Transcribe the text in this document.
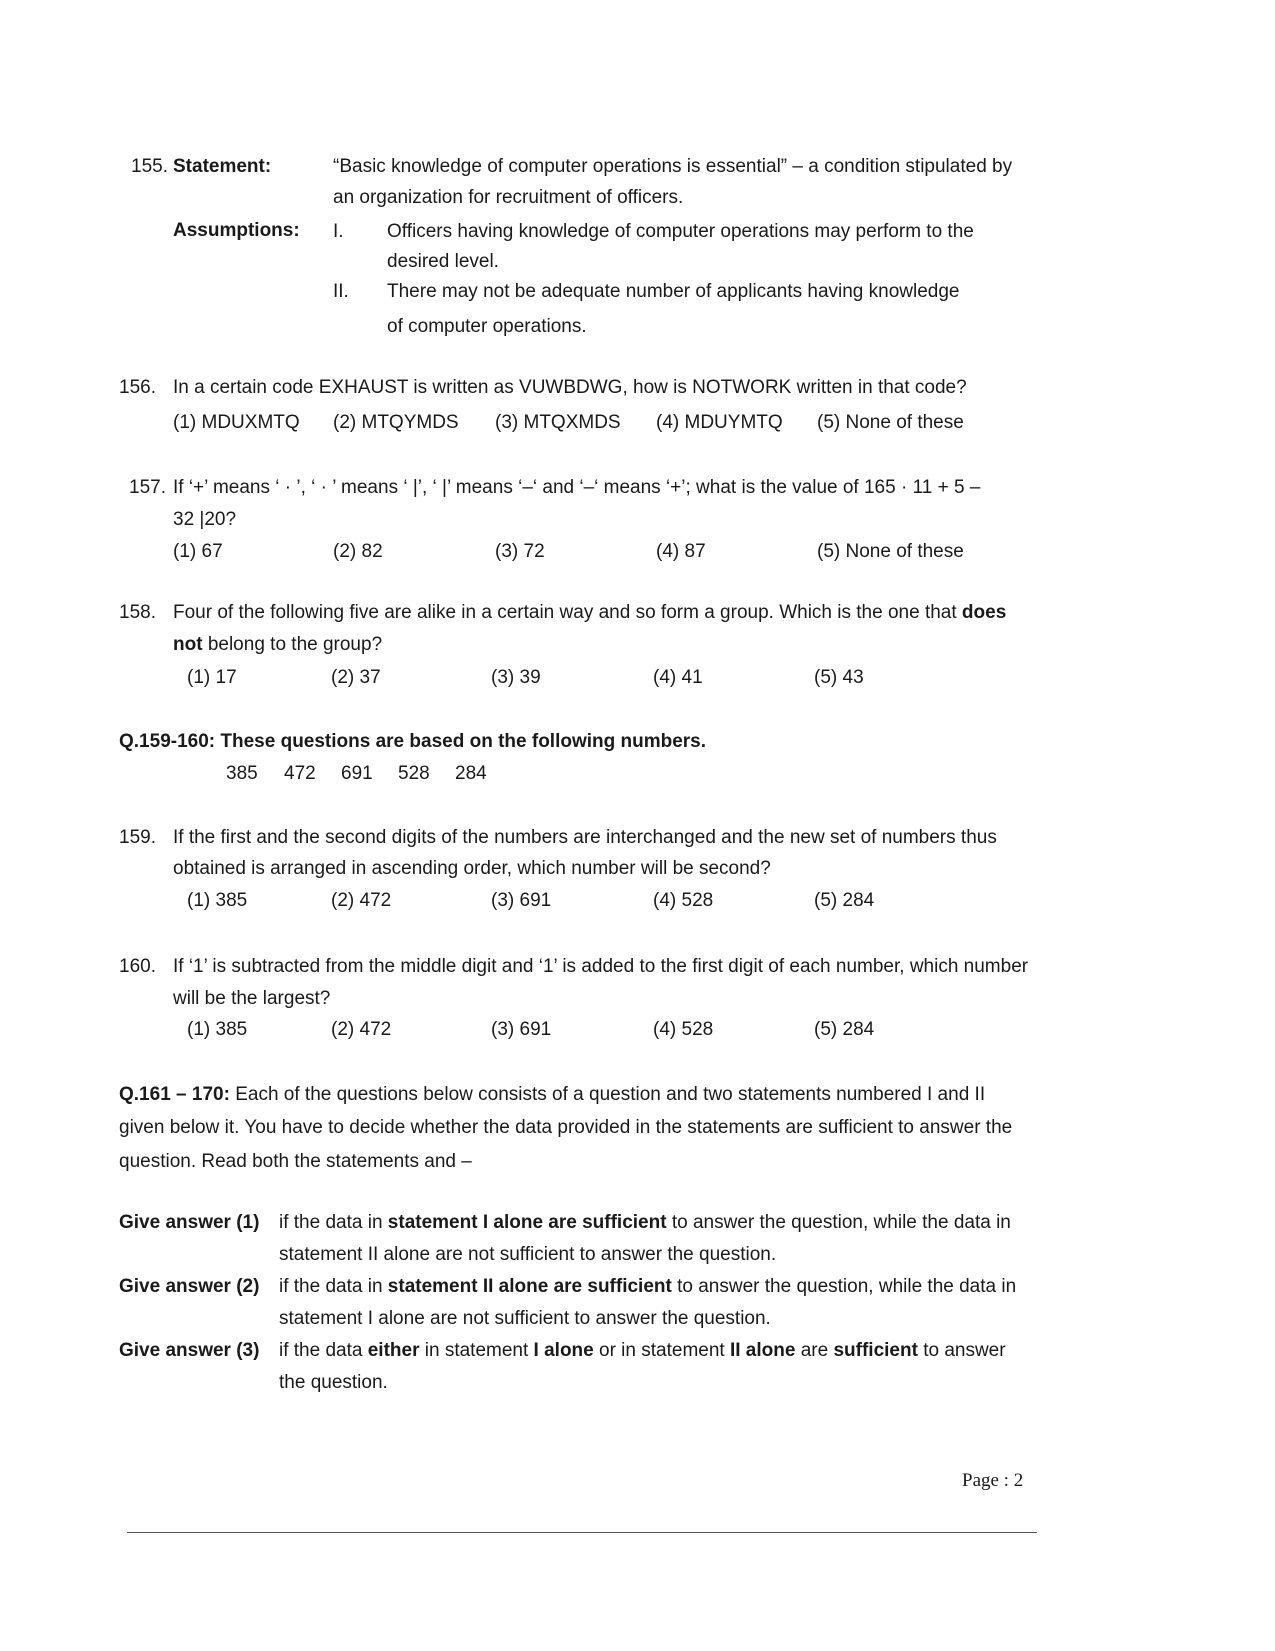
155. Statement:	“Basic knowledge of computer operations is essential” – a condition stipulated by
an organization for recruitment of officers.
Assumptions: I. Officers having knowledge of computer operations may perform to the
desired level.
II. There may not be adequate number of applicants having knowledge
of computer operations.
156. In a certain code EXHAUST is written as VUWBDWG, how is NOTWORK written in that code?
(1) MDUXMTQ (2) MTQYMDS (3) MTQXMDS (4) MDUYMTQ (5) None of these
157. If ‘+’ means ‘ · ’, ‘ · ’ means ‘ |’, ‘ |’ means ‘–‘ and ‘–‘ means ‘+’; what is the value of 165 · 11 + 5 –
32 |20?
(1) 67	(2) 82	(3) 72	(4) 87	(5) None of these
158. Four of the following five are alike in a certain way and so form a group. Which is the one that does
not belong to the group?
(1) 17	(2) 37	(3) 39	(4) 41	(5) 43
Q.159-160: These questions are based on the following numbers.
385 472 691 528 284
159. If the first and the second digits of the numbers are interchanged and the new set of numbers thus
obtained is arranged in ascending order, which number will be second?
(1) 385	(2) 472	(3) 691	(4) 528	(5) 284
160. If ‘1’ is subtracted from the middle digit and ‘1’ is added to the first digit of each number, which number
will be the largest?
(1) 385	(2) 472	(3) 691	(4) 528	(5) 284
Q.161 – 170: Each of the questions below consists of a question and two statements numbered I and II
given below it. You have to decide whether the data provided in the statements are sufficient to answer the
question. Read both the statements and –
Give answer (1) if the data in statement I alone are sufficient to answer the question, while the data in
statement II alone are not sufficient to answer the question.
Give answer (2) if the data in statement II alone are sufficient to answer the question, while the data in
statement I alone are not sufficient to answer the question.
Give answer (3) if the data either in statement I alone or in statement II alone are sufficient to answer
the question.
Page : 2
